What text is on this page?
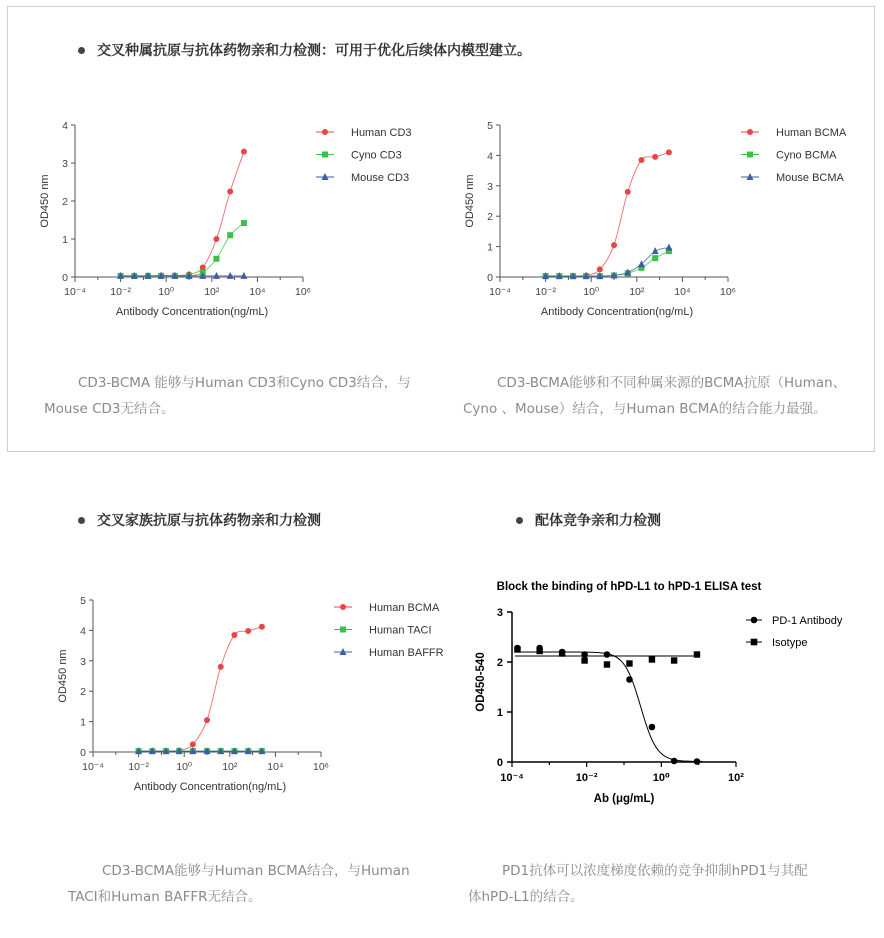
交叉种属抗原与抗体药物亲和力检测：可用于优化后续体内模型建立。
交叉家族抗原与抗体药物亲和力检测	配体竞争亲和力检测
0
1
2
3
4
10⁻⁴ 10⁻²	10⁰	10²	10⁴	10⁶
Antibody Concentration(ng/mL)
OD450 nm
Human CD3
Cyno CD3
Mouse CD3
0
1
2
3
4
5
10⁻⁴ 10⁻²	10⁰	10²	10⁴	10⁶
Antibody Concentration(ng/mL)
OD450 nm
Human BCMA
Cyno BCMA
Mouse BCMA
0
1
2
3
4
5
10⁻⁴ 10⁻²	10⁰	10²	10⁴	10⁶
Antibody Concentration(ng/mL)
OD450 nm
Human BCMA
Human TACI
Human BAFFR
Block the binding of hPD-L1 to hPD-1 ELISA test
0
1
2
3
10⁻⁴	10⁻²	10⁰	10²
Ab (μg/mL)
OD450-540
PD-1 Antibody
Isotype
CD3-BCMA 能够与Human CD3和Cyno CD3结合，与
Mouse CD3无结合。
CD3-BCMA能够和不同种属来源的BCMA抗原（Human、
Cyno 、Mouse）结合，与Human BCMA的结合能力最强。
CD3-BCMA能够与Human BCMA结合，与Human
TACI和Human BAFFR无结合。
PD1抗体可以浓度梯度依赖的竞争抑制hPD1与其配
体hPD-L1的结合。
